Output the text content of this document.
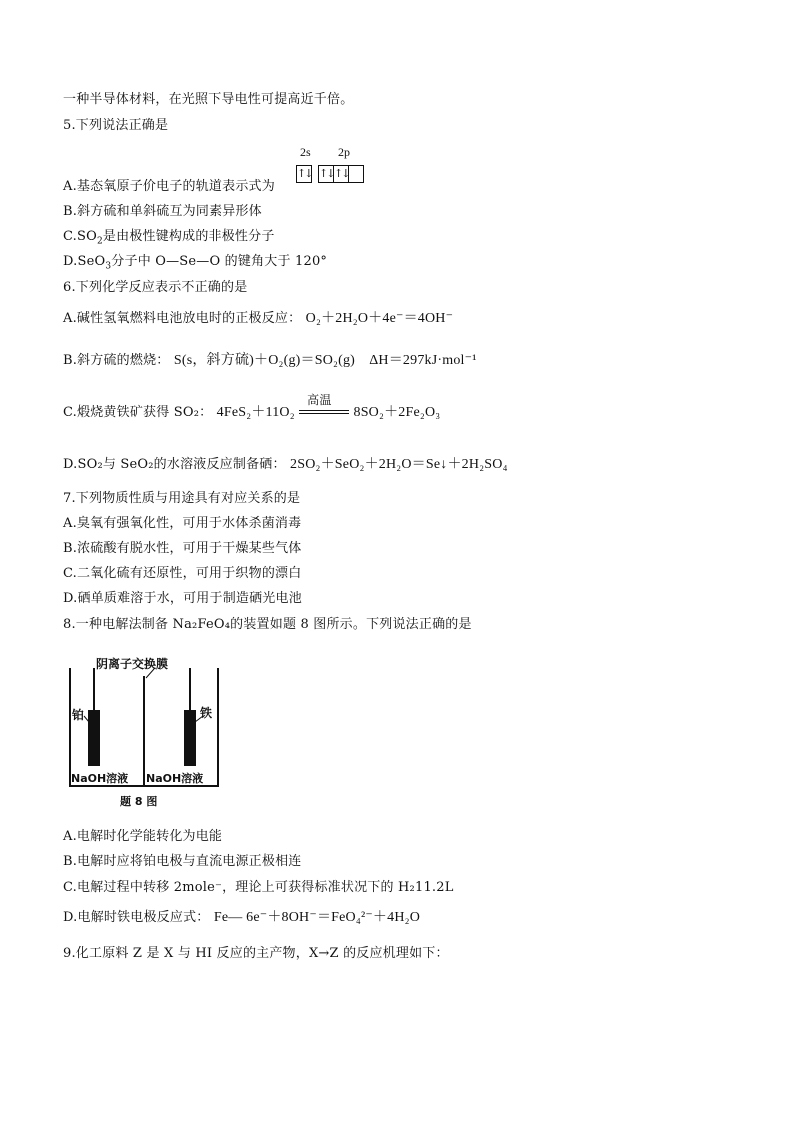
一种半导体材料，在光照下导电性可提高近千倍。
5.下列说法正确是
2s 2p
↑↓ ↑↓ ↑↓
A.基态氧原子价电子的轨道表示式为
B.斜方硫和单斜硫互为同素异形体
$C.SO_2$是由极性键构成的非极性分子
D.SeO$_3$分子中 O—Se—O 的键角大于 120°
6.下列化学反应表示不正确的是
A.碱性氢氧燃料电池放电时的正极反应： O₂＋2H₂O＋4e⁻＝4OH⁻
B.斜方硫的燃烧： S(s，斜方硫)＋O₂(g)＝SO₂(g)　ΔH＝297kJ·mol⁻¹
C.煅烧黄铁矿获得 SO₂： 4FeS₂＋11O₂
高温
8SO₂＋2Fe₂O₃
D.SO₂与 SeO₂的水溶液反应制备硒： 2SO₂＋SeO₂＋2H₂O＝Se↓＋2H₂SO₄
7.下列物质性质与用途具有对应关系的是
A.臭氧有强氧化性，可用于水体杀菌消毒
B.浓硫酸有脱水性，可用于干燥某些气体
C.二氧化硫有还原性，可用于织物的漂白
D.硒单质难溶于水，可用于制造硒光电池
8.一种电解法制备 Na₂FeO₄的装置如题 8 图所示。下列说法正确的是
阴离子交换膜
铂	铁
NaOH溶液 NaOH溶液
题 8 图
A.电解时化学能转化为电能
B.电解时应将铂电极与直流电源正极相连
C.电解过程中转移 2mole⁻，理论上可获得标准状况下的 H₂11.2L
D.电解时铁电极反应式： Fe— 6e⁻＋8OH⁻＝FeO₄²⁻＋4H₂O
9.化工原料 Z 是 X 与 HI 反应的主产物，X→Z 的反应机理如下：
